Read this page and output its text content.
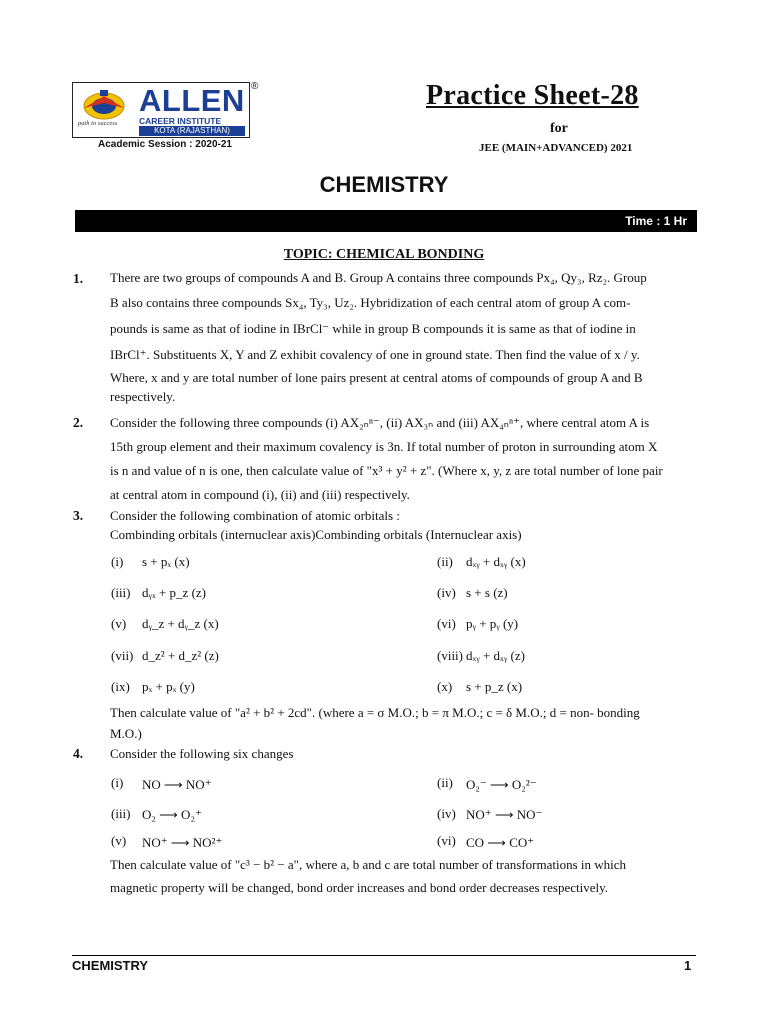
path to success
ALLEN
CAREER INSTITUTE
KOTA (RAJASTHAN)
®
Academic Session : 2020-21
Practice Sheet-28
for
JEE (MAIN+ADVANCED) 2021
CHEMISTRY
Time : 1 Hr
TOPIC: CHEMICAL BONDING
1. There are two groups of compounds A and B. Group A contains three compounds Px₄, Qy₃, Rz₂. Group
B also contains three compounds Sx₄, Ty₃, Uz₂. Hybridization of each central atom of group A com-
pounds is same as that of iodine in IBrCl⁻ while in group B compounds it is same as that of iodine in
IBrCl⁺. Substituents X, Y and Z exhibit covalency of one in ground state. Then find the value of x / y.
Where, x and y are total number of lone pairs present at central atoms of compounds of group A and B
respectively.
2. Consider the following three compounds (i) AX₂ₙⁿ⁻, (ii) AX₃ₙ and (iii) AX₄ₙⁿ⁺, where central atom A is
15th group element and their maximum covalency is 3n. If total number of proton in surrounding atom X
is n and value of n is one, then calculate value of "x³ + y² + z". (Where x, y, z are total number of lone pair
at central atom in compound (i), (ii) and (iii) respectively.
3. Consider the following combination of atomic orbitals :
Combinding orbitals (internuclear axis)Combinding orbitals (Internuclear axis)
(i) s + pₓ (x)	(ii) dₓᵧ + dₓᵧ (x)
(iii) dᵧₓ + p_z (z)	(iv) s + s (z)
(v) dᵧ_z + dᵧ_z (x)	(vi) pᵧ + pᵧ (y)
(vii) d_z² + d_z² (z)	(viii) dₓᵧ + dₓᵧ (z)
(ix) pₓ + pₓ (y)	(x) s + p_z (x)
Then calculate value of "a² + b² + 2cd". (where a = σ M.O.; b = π M.O.; c = δ M.O.; d = non- bonding
M.O.)
4. Consider the following six changes
(i) NO ⟶ NO⁺	(ii) O₂⁻ ⟶ O₂²⁻
(iii) O₂ ⟶ O₂⁺	(iv) NO⁺ ⟶ NO⁻
(v) NO⁺ ⟶ NO²⁺	(vi) CO ⟶ CO⁺
Then calculate value of "c³ − b² − a", where a, b and c are total number of transformations in which
magnetic property will be changed, bond order increases and bond order decreases respectively.
CHEMISTRY	1
